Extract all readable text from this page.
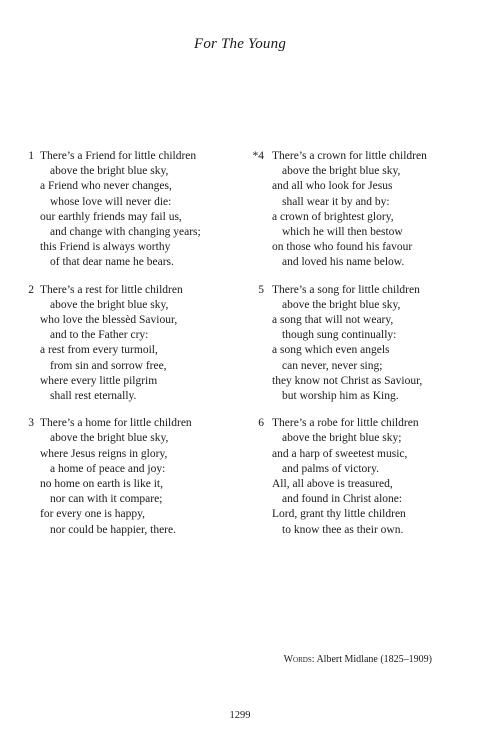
For The Young
1 There’s a Friend for little children
above the bright blue sky,
a Friend who never changes,
whose love will never die:
our earthly friends may fail us,
and change with changing years;
this Friend is always worthy
of that dear name he bears.
2 There’s a rest for little children
above the bright blue sky,
who love the blessèd Saviour,
and to the Father cry:
a rest from every turmoil,
from sin and sorrow free,
where every little pilgrim
shall rest eternally.
3 There’s a home for little children
above the bright blue sky,
where Jesus reigns in glory,
a home of peace and joy:
no home on earth is like it,
nor can with it compare;
for every one is happy,
nor could be happier, there.
*4 There’s a crown for little children
above the bright blue sky,
and all who look for Jesus
shall wear it by and by:
a crown of brightest glory,
which he will then bestow
on those who found his favour
and loved his name below.
5 There’s a song for little children
above the bright blue sky,
a song that will not weary,
though sung continually:
a song which even angels
can never, never sing;
they know not Christ as Saviour,
but worship him as King.
6 There’s a robe for little children
above the bright blue sky;
and a harp of sweetest music,
and palms of victory.
All, all above is treasured,
and found in Christ alone:
Lord, grant thy little children
to know thee as their own.
Words: Albert Midlane (1825–1909)
1299
